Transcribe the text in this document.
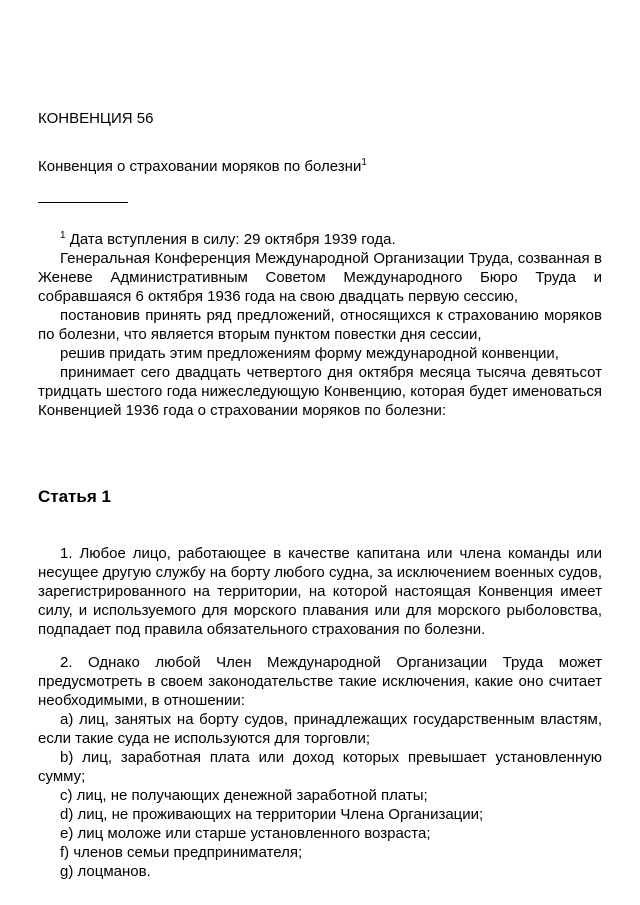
КОНВЕНЦИЯ 56

Конвенция о страховании моряков по болезни$^1$

$^1$ Дата вступления в силу: 29 октября 1939 года.

Генеральная Конференция Международной Организации Труда, созванная в Женеве Административным Советом Международного Бюро Труда и собравшаяся 6 октября 1936 года на свою двадцать первую сессию,

постановив принять ряд предложений, относящихся к страхованию моряков по болезни, что является вторым пунктом повестки дня сессии,

решив придать этим предложениям форму международной конвенции,

принимает сего двадцать четвертого дня октября месяца тысяча девятьсот тридцать шестого года нижеследующую Конвенцию, которая будет именоваться Конвенцией 1936 года о страховании моряков по болезни:

Статья 1

1. Любое лицо, работающее в качестве капитана или члена команды или несущее другую службу на борту любого судна, за исключением военных судов, зарегистрированного на территории, на которой настоящая Конвенция имеет силу, и используемого для морского плавания или для морского рыболовства, подпадает под правила обязательного страхования по болезни.

2. Однако любой Член Международной Организации Труда может предусмотреть в своем законодательстве такие исключения, какие оно считает необходимыми, в отношении:

a) лиц, занятых на борту судов, принадлежащих государственным властям, если такие суда не используются для торговли;

b) лиц, заработная плата или доход которых превышает установленную сумму;

c) лиц, не получающих денежной заработной платы;

d) лиц, не проживающих на территории Члена Организации;

e) лиц моложе или старше установленного возраста;

f) членов семьи предпринимателя;

g) лоцманов.
